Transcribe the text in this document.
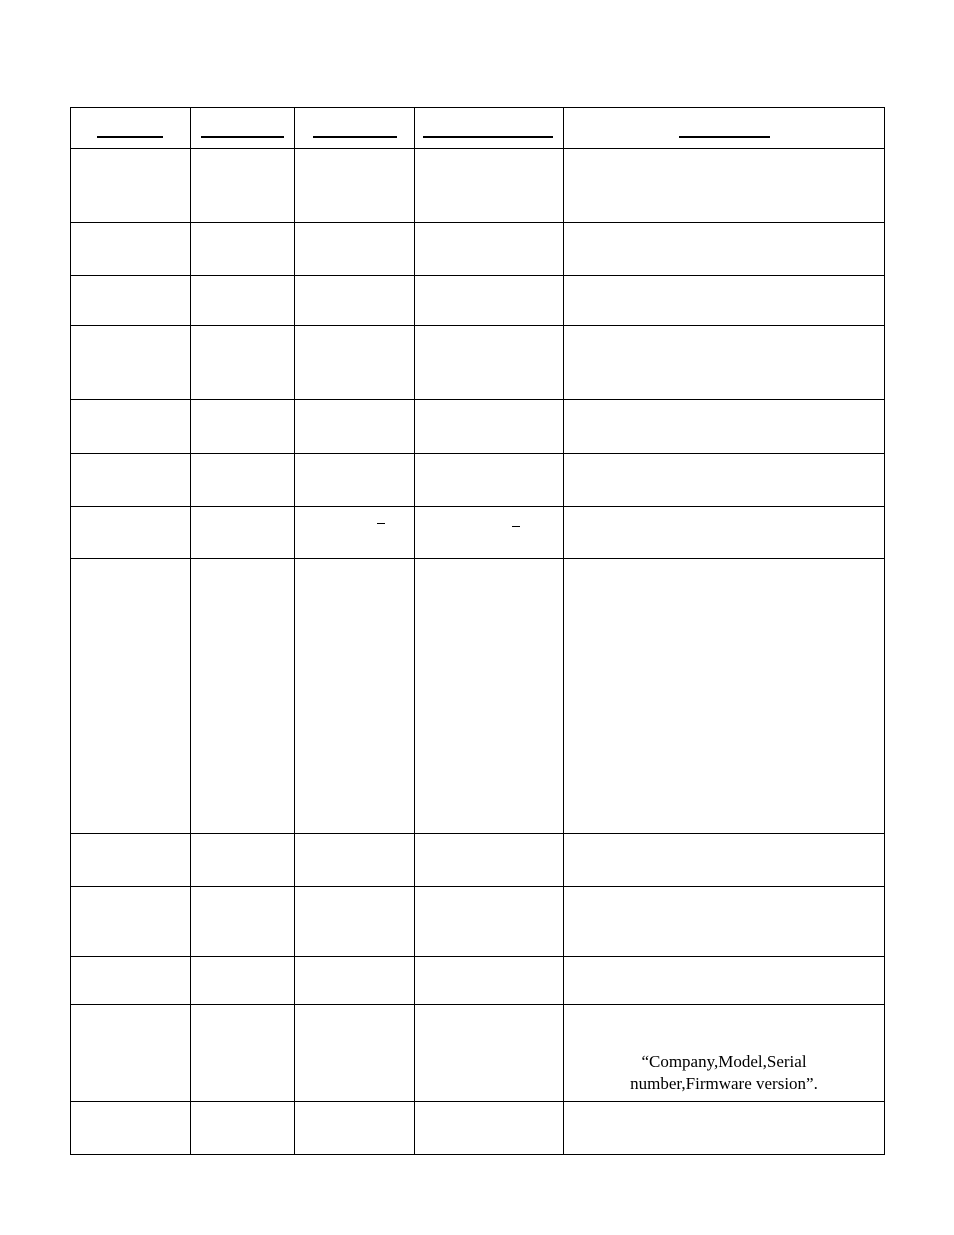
“Company,Model,Serial
number,Firmware version”.
